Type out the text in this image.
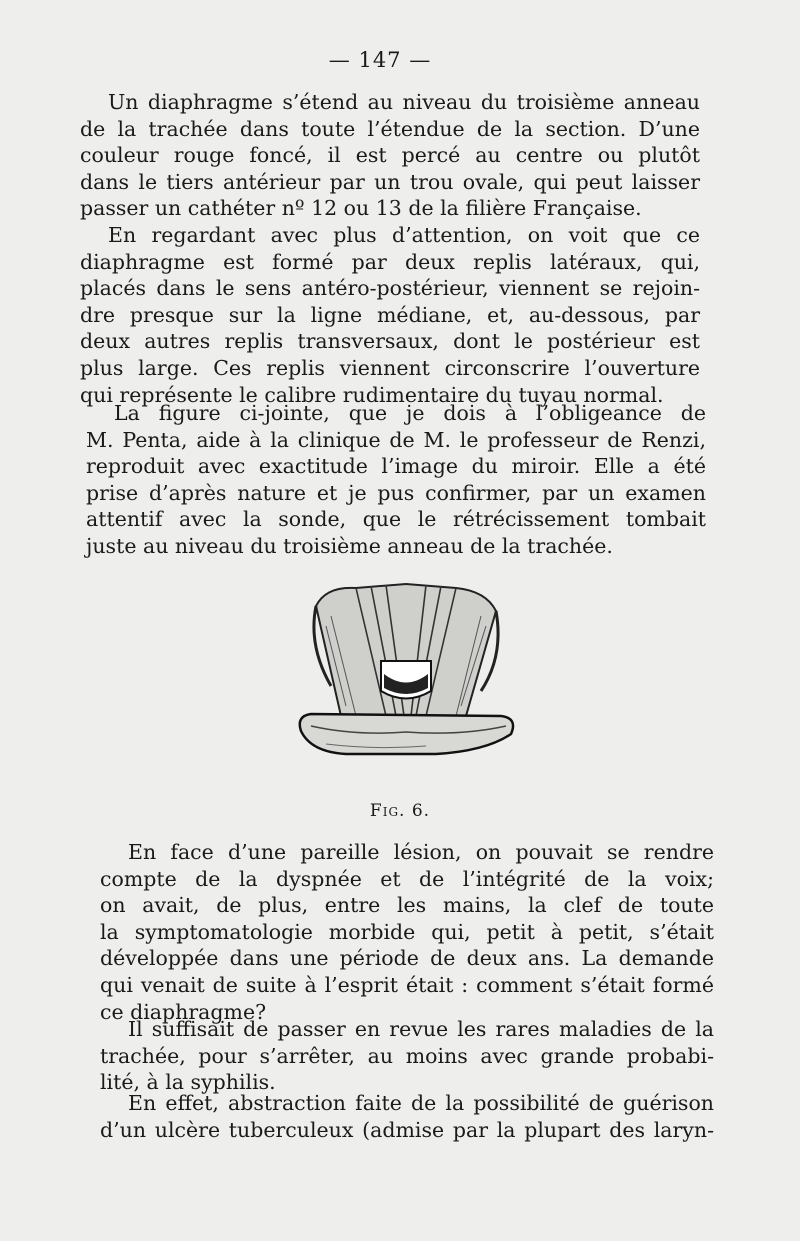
— 147 —

Un diaphragme s’étend au niveau du troisième anneau
de la trachée dans toute l’étendue de la section. D’une
couleur rouge foncé, il est percé au centre ou plutôt
dans le tiers antérieur par un trou ovale, qui peut laisser
passer un cathéter nº 12 ou 13 de la filière Française.

En regardant avec plus d’attention, on voit que ce
diaphragme est formé par deux replis latéraux, qui,
placés dans le sens antéro-postérieur, viennent se rejoin-
dre presque sur la ligne médiane, et, au-dessous, par
deux autres replis transversaux, dont le postérieur est
plus large. Ces replis viennent circonscrire l’ouverture
qui représente le calibre rudimentaire du tuyau normal.

La figure ci-jointe, que je dois à l’obligeance de
M. Penta, aide à la clinique de M. le professeur de Renzi,
reproduit avec exactitude l’image du miroir. Elle a été
prise d’après nature et je pus confirmer, par un examen
attentif avec la sonde, que le rétrécissement tombait
juste au niveau du troisième anneau de la trachée.

Fig. 6.

En face d’une pareille lésion, on pouvait se rendre
compte de la dyspnée et de l’intégrité de la voix;
on avait, de plus, entre les mains, la clef de toute
la symptomatologie morbide qui, petit à petit, s’était
développée dans une période de deux ans. La demande
qui venait de suite à l’esprit était : comment s’était formé
ce diaphragme?

Il suffisait de passer en revue les rares maladies de la
trachée, pour s’arrêter, au moins avec grande probabi-
lité, à la syphilis.

En effet, abstraction faite de la possibilité de guérison
d’un ulcère tuberculeux (admise par la plupart des laryn-
